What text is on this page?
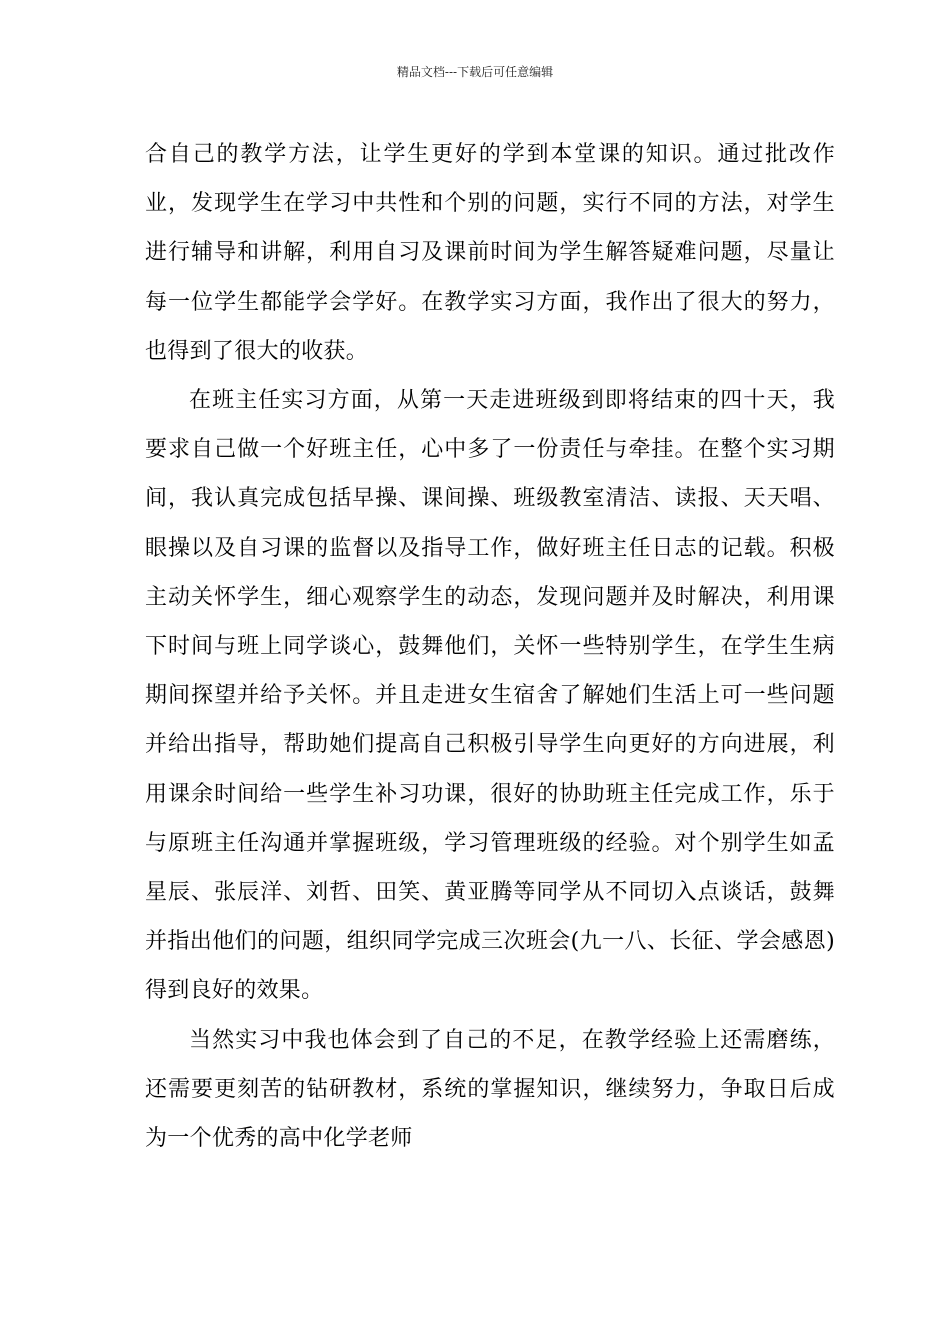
精品文档---下载后可任意编辑

合自己的教学方法，让学生更好的学到本堂课的知识。通过批改作业，发现学生在学习中共性和个别的问题，实行不同的方法，对学生进行辅导和讲解，利用自习及课前时间为学生解答疑难问题，尽量让每一位学生都能学会学好。在教学实习方面，我作出了很大的努力，也得到了很大的收获。

在班主任实习方面，从第一天走进班级到即将结束的四十天，我要求自己做一个好班主任，心中多了一份责任与牵挂。在整个实习期间，我认真完成包括早操、课间操、班级教室清洁、读报、天天唱、眼操以及自习课的监督以及指导工作，做好班主任日志的记载。积极主动关怀学生，细心观察学生的动态，发现问题并及时解决，利用课下时间与班上同学谈心，鼓舞他们，关怀一些特别学生，在学生生病期间探望并给予关怀。并且走进女生宿舍了解她们生活上可一些问题并给出指导，帮助她们提高自己积极引导学生向更好的方向进展，利用课余时间给一些学生补习功课，很好的协助班主任完成工作，乐于与原班主任沟通并掌握班级，学习管理班级的经验。对个别学生如孟星辰、张辰洋、刘哲、田笑、黄亚腾等同学从不同切入点谈话，鼓舞并指出他们的问题，组织同学完成三次班会(九一八、长征、学会感恩)得到良好的效果。

当然实习中我也体会到了自己的不足，在教学经验上还需磨练，还需要更刻苦的钻研教材，系统的掌握知识，继续努力，争取日后成为一个优秀的高中化学老师
